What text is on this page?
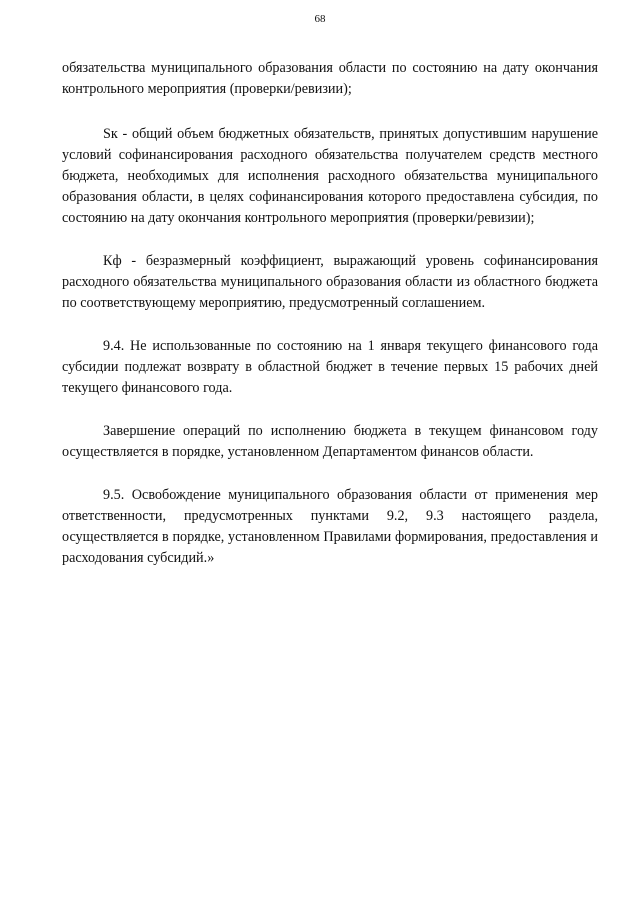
68

обязательства муниципального образования области по состоянию на дату окончания контрольного мероприятия (проверки/ревизии);

Sк - общий объем бюджетных обязательств, принятых допустившим нарушение условий софинансирования расходного обязательства получателем средств местного бюджета, необходимых для исполнения расходного обязательства муниципального образования области, в целях софинансирования которого предоставлена субсидия, по состоянию на дату окончания контрольного мероприятия (проверки/ревизии);

Кф - безразмерный коэффициент, выражающий уровень софинансирования расходного обязательства муниципального образования области из областного бюджета по соответствующему мероприятию, предусмотренный соглашением.

9.4. Не использованные по состоянию на 1 января текущего финансового года субсидии подлежат возврату в областной бюджет в течение первых 15 рабочих дней текущего финансового года.

Завершение операций по исполнению бюджета в текущем финансовом году осуществляется в порядке, установленном Департаментом финансов области.

9.5. Освобождение муниципального образования области от применения мер ответственности, предусмотренных пунктами 9.2, 9.3 настоящего раздела, осуществляется в порядке, установленном Правилами формирования, предоставления и расходования субсидий.»
